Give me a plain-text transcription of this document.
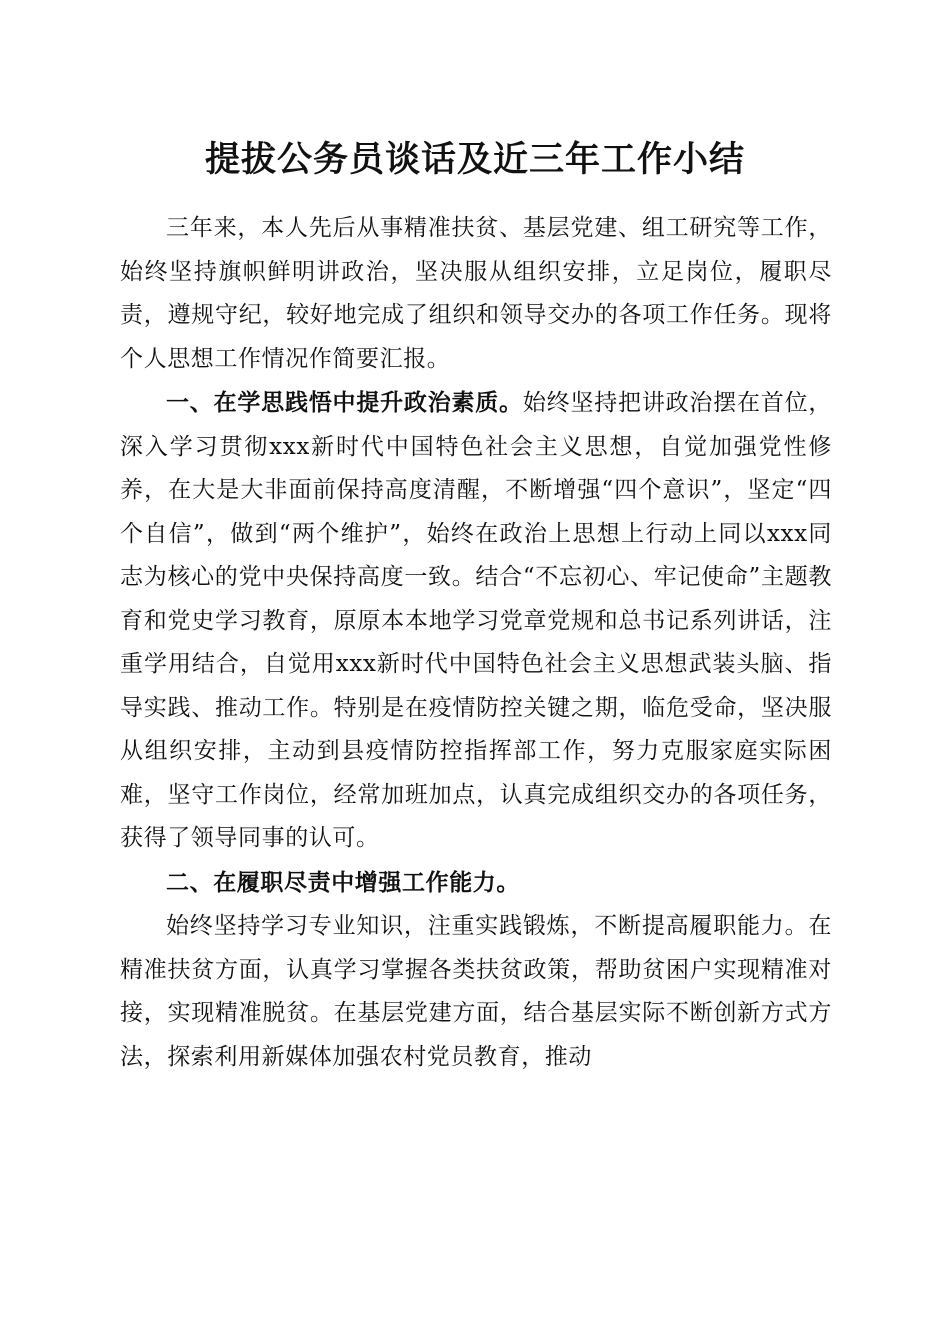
提拔公务员谈话及近三年工作小结

三年来，本人先后从事精准扶贫、基层党建、组工研究等工作，始终坚持旗帜鲜明讲政治，坚决服从组织安排，立足岗位，履职尽责，遵规守纪，较好地完成了组织和领导交办的各项工作任务。现将个人思想工作情况作简要汇报。

一、在学思践悟中提升政治素质。始终坚持把讲政治摆在首位，深入学习贯彻xxx新时代中国特色社会主义思想，自觉加强党性修养，在大是大非面前保持高度清醒，不断增强“四个意识”，坚定“四个自信”，做到“两个维护”，始终在政治上思想上行动上同以xxx同志为核心的党中央保持高度一致。结合“不忘初心、牢记使命”主题教育和党史学习教育，原原本本地学习党章党规和总书记系列讲话，注重学用结合，自觉用xxx新时代中国特色社会主义思想武装头脑、指导实践、推动工作。特别是在疫情防控关键之期，临危受命，坚决服从组织安排，主动到县疫情防控指挥部工作，努力克服家庭实际困难，坚守工作岗位，经常加班加点，认真完成组织交办的各项任务，获得了领导同事的认可。

二、在履职尽责中增强工作能力。

始终坚持学习专业知识，注重实践锻炼，不断提高履职能力。在精准扶贫方面，认真学习掌握各类扶贫政策，帮助贫困户实现精准对接，实现精准脱贫。在基层党建方面，结合基层实际不断创新方式方法，探索利用新媒体加强农村党员教育，推动
